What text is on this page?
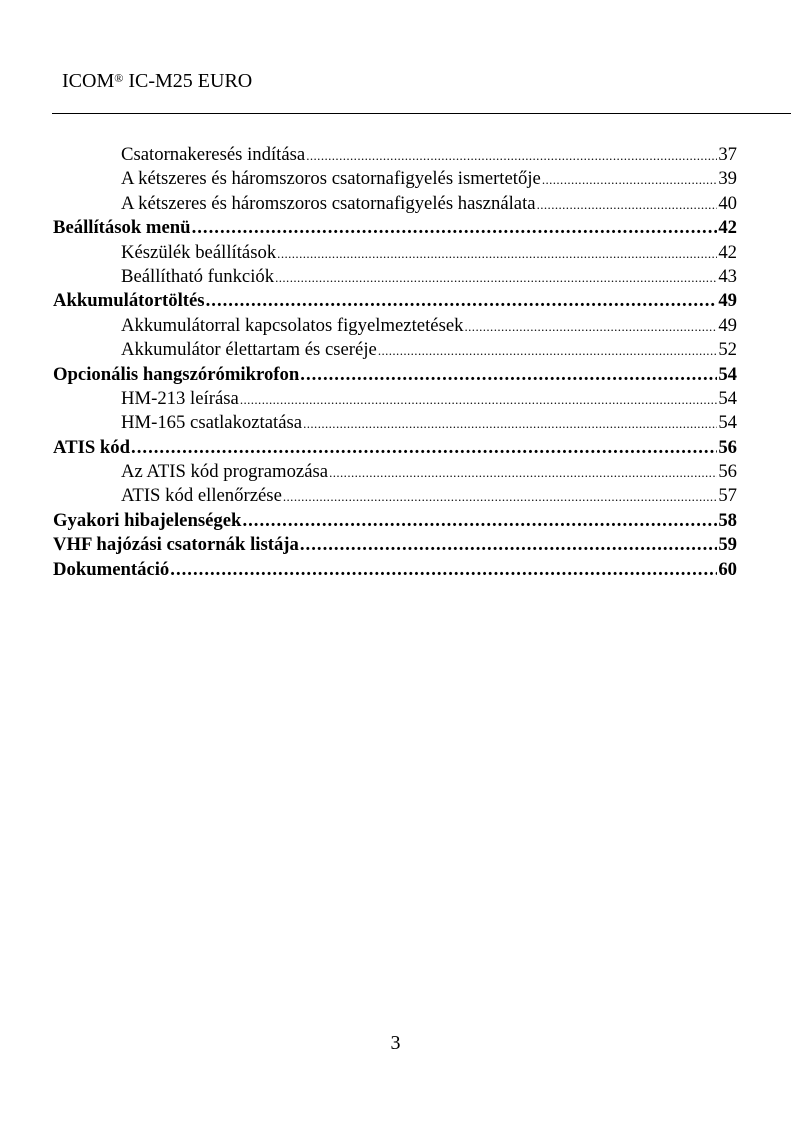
ICOM® IC-M25 EURO
Csatornakeresés indítása .....	37
A kétszeres és háromszoros csatornafigyelés ismertetője .....	39
A kétszeres és háromszoros csatornafigyelés használata .....	40
Beállítások menü .....	42
Készülék beállítások .....	42
Beállítható funkciók .....	43
Akkumulátortöltés .....	49
Akkumulátorral kapcsolatos figyelmeztetések .....	49
Akkumulátor élettartam és cseréje .....	52
Opcionális hangszórómikrofon .....	54
HM-213 leírása .....	54
HM-165 csatlakoztatása .....	54
ATIS kód .....	56
Az ATIS kód programozása .....	56
ATIS kód ellenőrzése .....	57
Gyakori hibajelenségek .....	58
VHF hajózási csatornák listája .....	59
Dokumentáció .....	60
3
